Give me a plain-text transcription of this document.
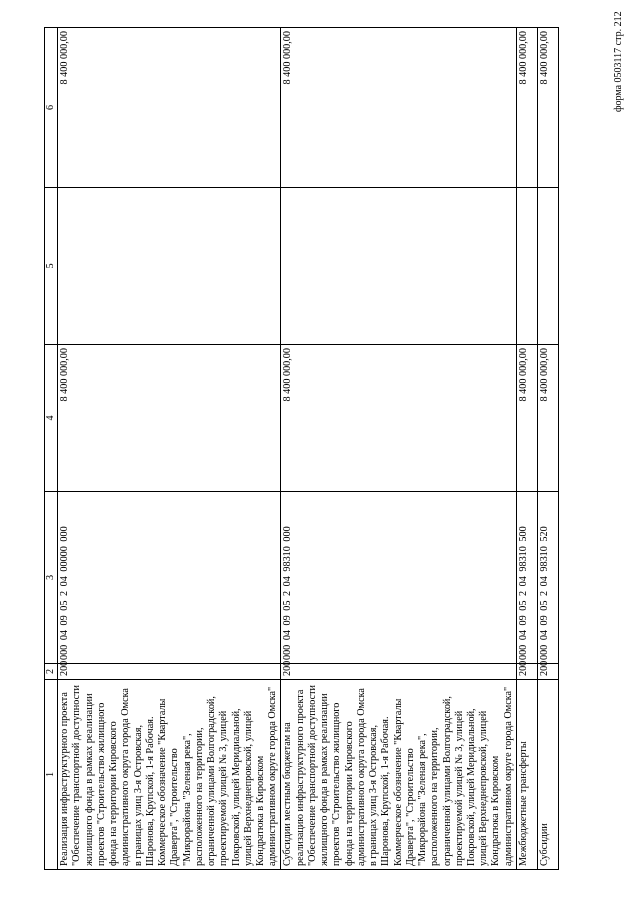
форма 0503117 стр. 212
1	2	3	4	5	6
Реализация инфраструктурного проекта "Обеспечение транспортной доступности жилищного фонда в рамках реализации проектов "Строительство жилищного фонда на территории Кировского административного округа города Омска в границах улиц 3-я Островская, Шаронова, Крупской, 1-я Рабочая. Коммерческое обозначение "Кварталы Драверта", "Строительство "Микрорайона "Зеленая река", расположенного на территории, ограниченной улицами Волгоградской, проектируемой улицей № 3, улицей Покровской, улицей Меридиальной, улицей Верхнеднепровской, улицей Кондратюка в Кировском административном округе города Омска"	200	000 04 09 05 2 04 00000 000	8 400 000,00		8 400 000,00
Субсидии местным бюджетам на реализацию инфраструктурного проекта "Обеспечение транспортной доступности жилищного фонда в рамках реализации проектов "Строительство жилищного фонда на территории Кировского административного округа города Омска в границах улиц 3-я Островская, Шаронова, Крупской, 1-я Рабочая. Коммерческое обозначение "Кварталы Драверта", "Строительство "Микрорайона "Зеленая река", расположенного на территории, ограниченной улицами Волгоградской, проектируемой улицей № 3, улицей Покровской, улицей Меридиальной, улицей Верхнеднепровской, улицей Кондратюка в Кировском административном округе города Омска"	200	000 04 09 05 2 04 98310 000	8 400 000,00		8 400 000,00
Межбюджетные трансферты	200	000 04 09 05 2 04 98310 500	8 400 000,00		8 400 000,00
Субсидии	200	000 04 09 05 2 04 98310 520	8 400 000,00		8 400 000,00
